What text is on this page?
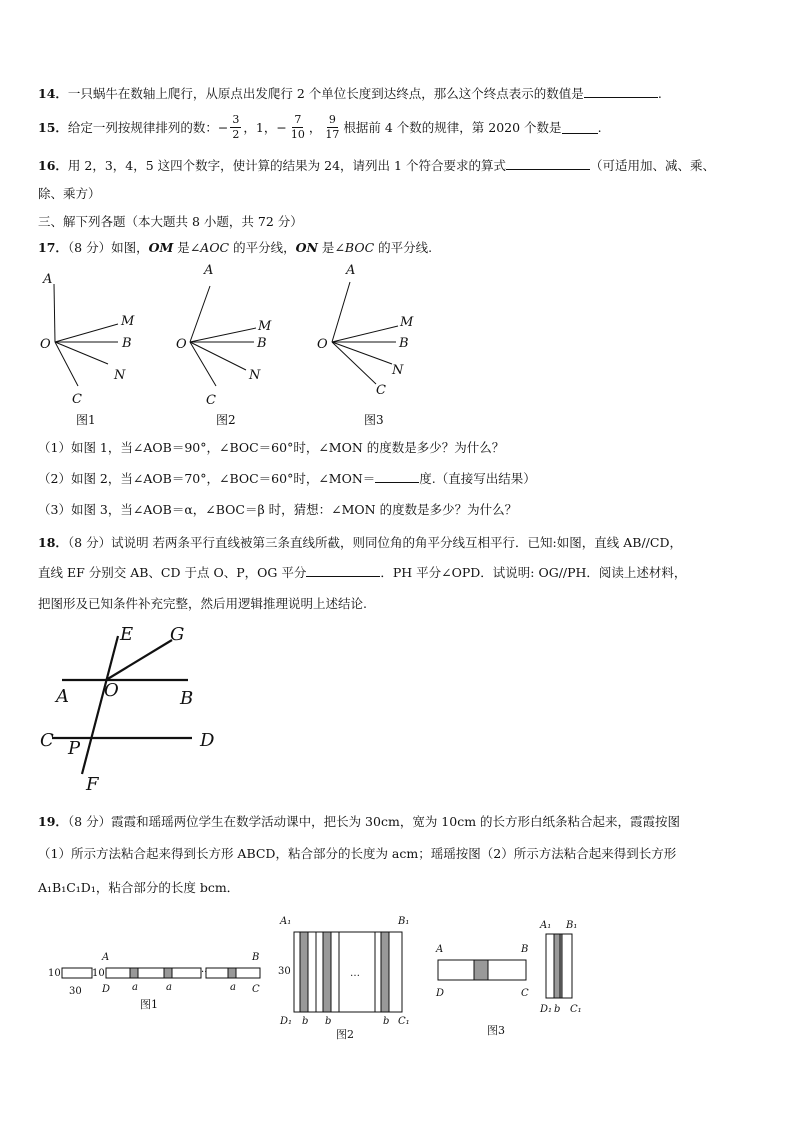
14．一只蜗牛在数轴上爬行，从原点出发爬行 2 个单位长度到达终点，那么这个终点表示的数值是	.
15． 给定一列按规律排列的数： − $\frac{3}{2}$ ， 1 ， − $\frac{7}{10}$ ， $\frac{9}{17}$ 根据前 4 个数的规律，第 2020 个数是	.
16．用 2，3，4，5 这四个数字，使计算的结果为 24，请列出 1 个符合要求的算式	（可适用加、减、乘、
除、乘方）
三、解下列各题（本大题共 8 小题，共 72 分）
17．（8 分）如图，OM 是∠AOC 的平分线，ON 是∠BOC 的平分线.
A
M
O	B
N
C
A
M
O	B
N
C
A
M
O	B
N
C
图1	图2	图3
（1）如图 1，当∠AOB＝90°，∠BOC＝60°时，∠MON 的度数是多少？为什么？
（2）如图 2，当∠AOB＝70°，∠BOC＝60°时，∠MON＝	度.（直接写出结果）
（3）如图 3，当∠AOB＝α，∠BOC＝β 时，猜想：∠MON 的度数是多少？为什么？
18．（8 分）试说明 若两条平行直线被第三条直线所截，则同位角的角平分线互相平行．已知:如图，直线 AB//CD，
直线 EF 分别交 AB、CD 于点 O、P，OG 平分	．PH 平分∠OPD．试说明: OG//PH．阅读上述材料，
把图形及已知条件补充完整，然后用逻辑推理说明上述结论.
E G
A O	B
C P	D
F
19．（8 分）霞霞和瑶瑶两位学生在数学活动课中，把长为 30cm，宽为 10cm 的长方形白纸条粘合起来，霞霞按图
（1）所示方法粘合起来得到长方形 ABCD，粘合部分的长度为 acm；瑶瑶按图（2）所示方法粘合起来得到长方形
A₁B₁C₁D₁，粘合部分的长度 bcm．
10
30
10	··
A	B
D	C
a	a	a
图1
30
A₁	B₁
D₁	C₁
b b	b
…
图2
A	B
D	C
图3
A₁ B₁
D₁ b C₁
